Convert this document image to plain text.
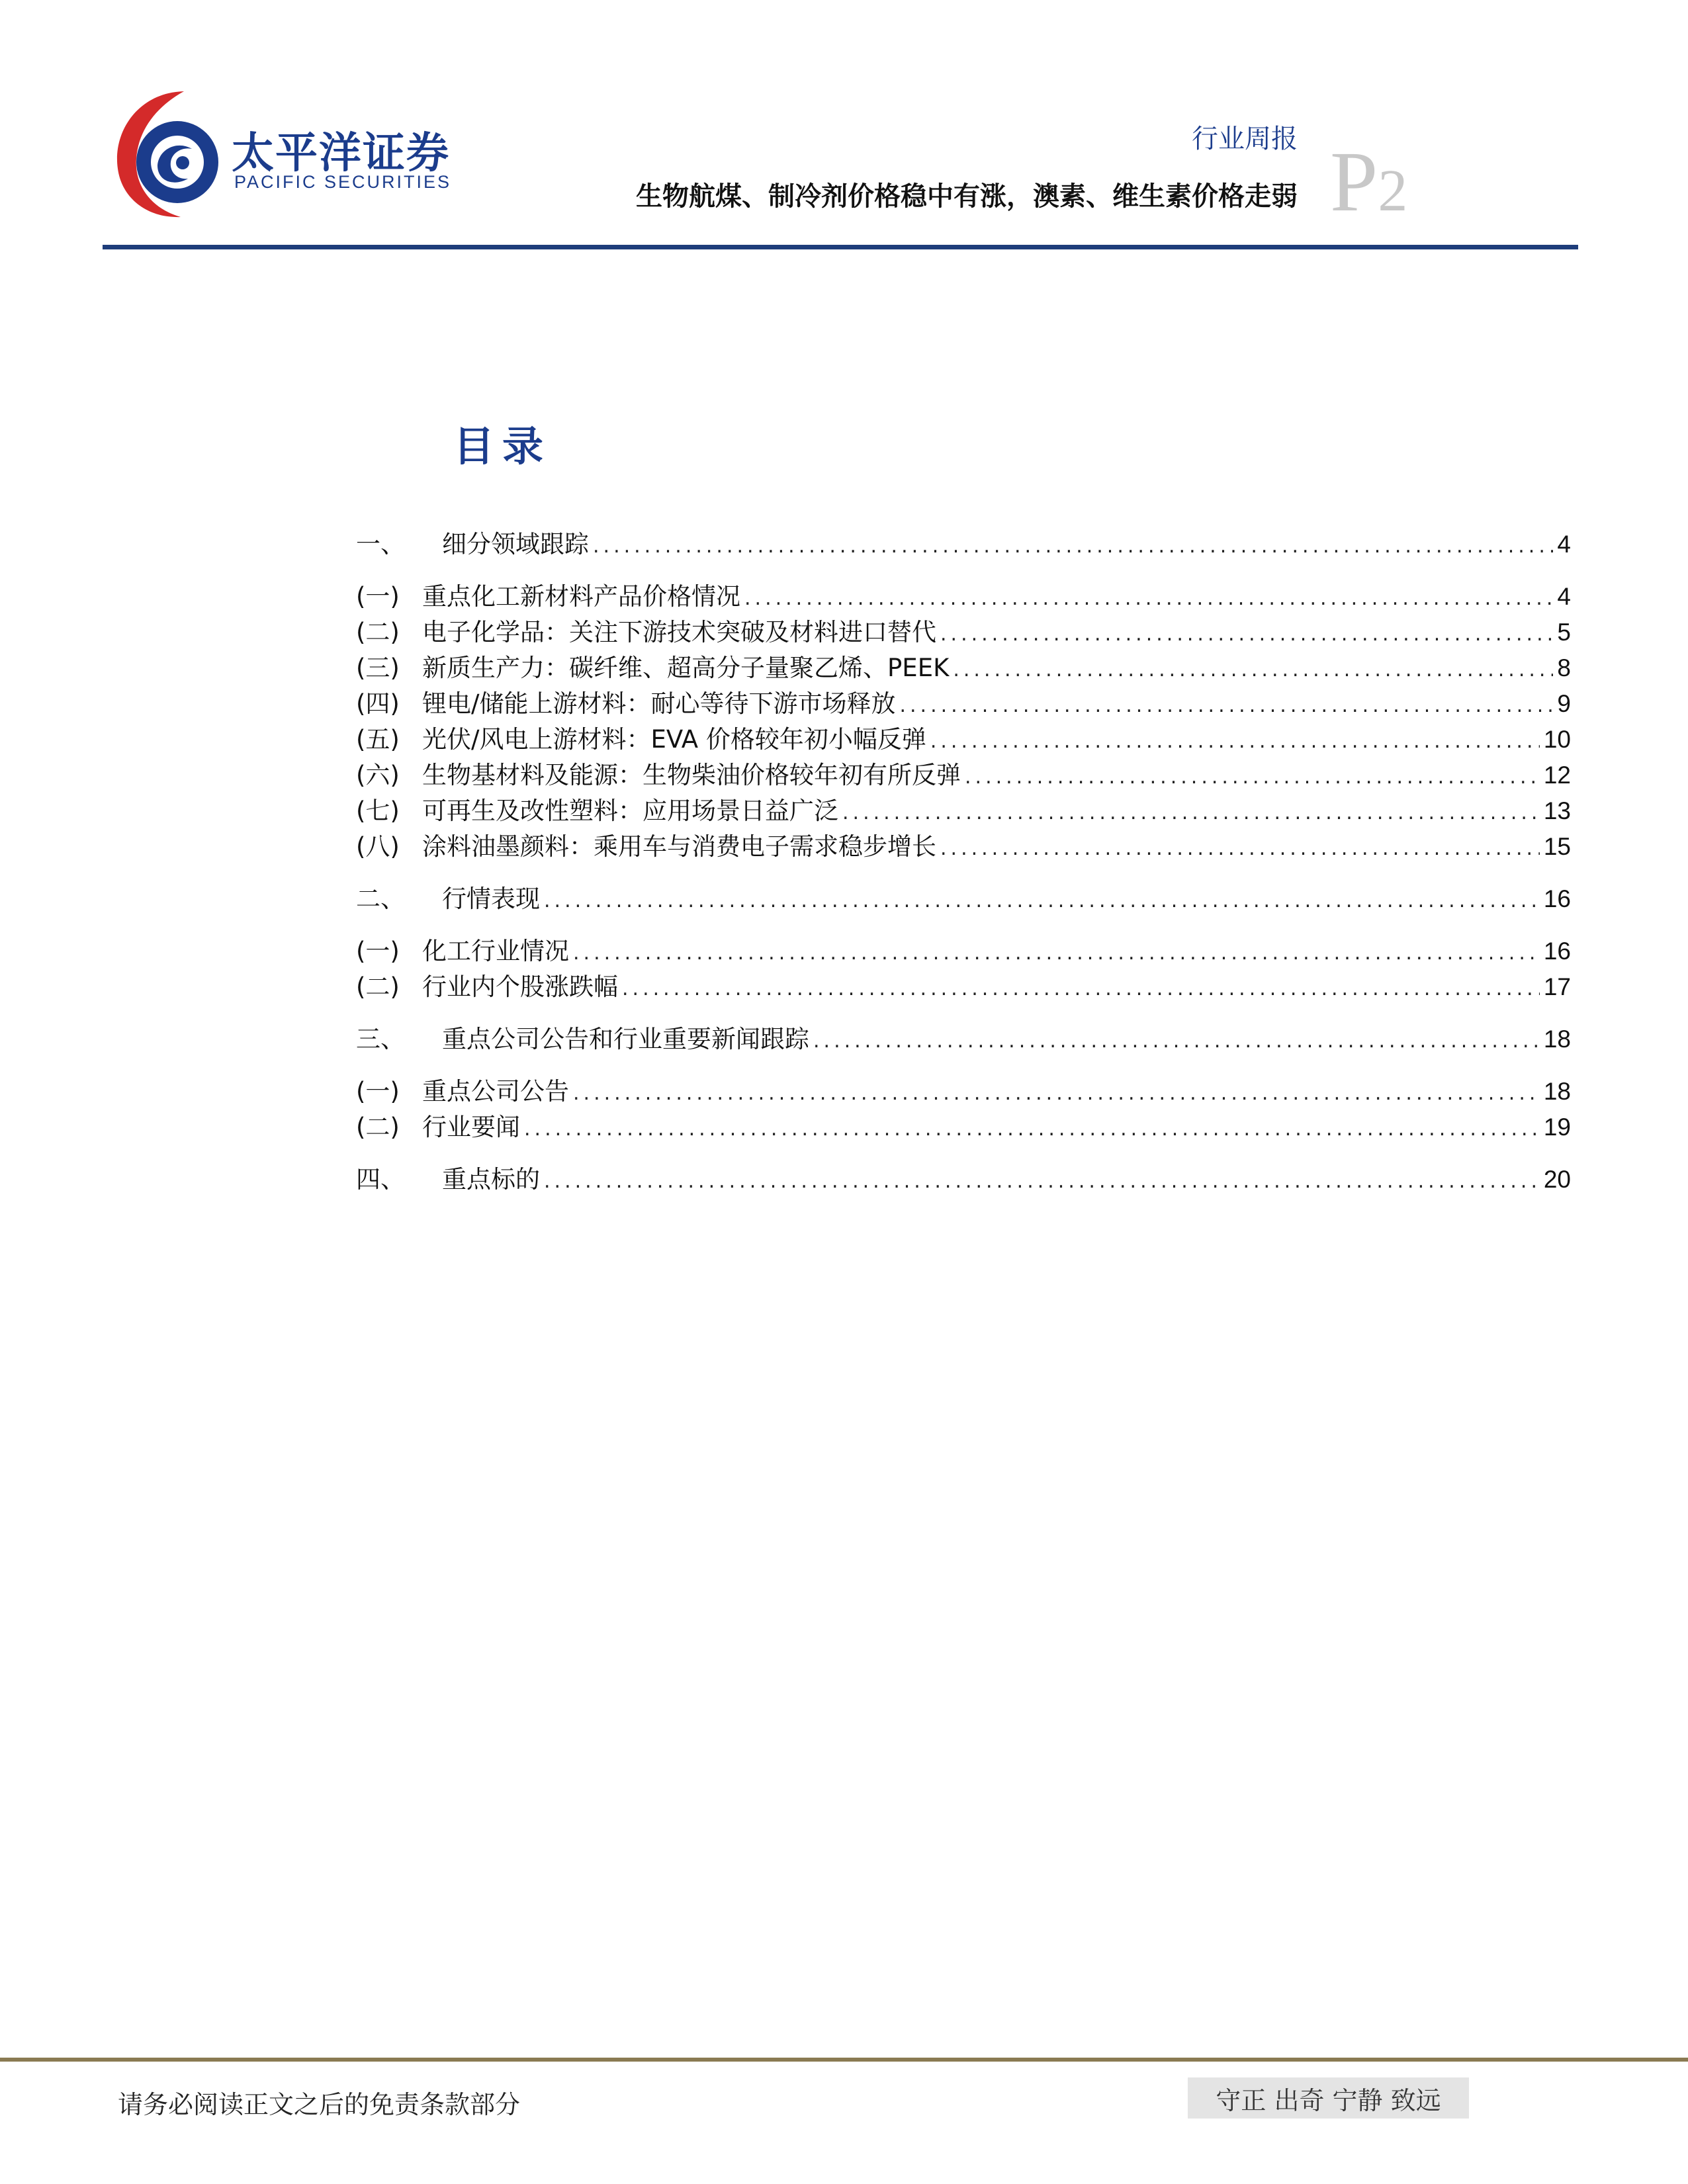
太平洋证券
PACIFIC SECURITIES
行业周报
生物航煤、制冷剂价格稳中有涨，澳素、维生素价格走弱 P2
目录
一、	细分领域跟踪 .....	4
(一) 重点化工新材料产品价格情况 .....	4
(二) 电子化学品：关注下游技术突破及材料进口替代 .....	5
(三) 新质生产力：碳纤维、超高分子量聚乙烯、PEEK .....	8
(四) 锂电/储能上游材料：耐心等待下游市场释放 .....	9
(五) 光伏/风电上游材料：EVA 价格较年初小幅反弹 .....	10
(六) 生物基材料及能源：生物柴油价格较年初有所反弹 .....	12
(七) 可再生及改性塑料：应用场景日益广泛 .....	13
(八) 涂料油墨颜料：乘用车与消费电子需求稳步增长 .....	15
二、	行情表现 .....	16
(一) 化工行业情况 .....	16
(二) 行业内个股涨跌幅 .....	17
三、	重点公司公告和行业重要新闻跟踪 .....	18
(一) 重点公司公告 .....	18
(二) 行业要闻 .....	19
四、	重点标的 .....	20
请务必阅读正文之后的免责条款部分	守正 出奇 宁静 致远
